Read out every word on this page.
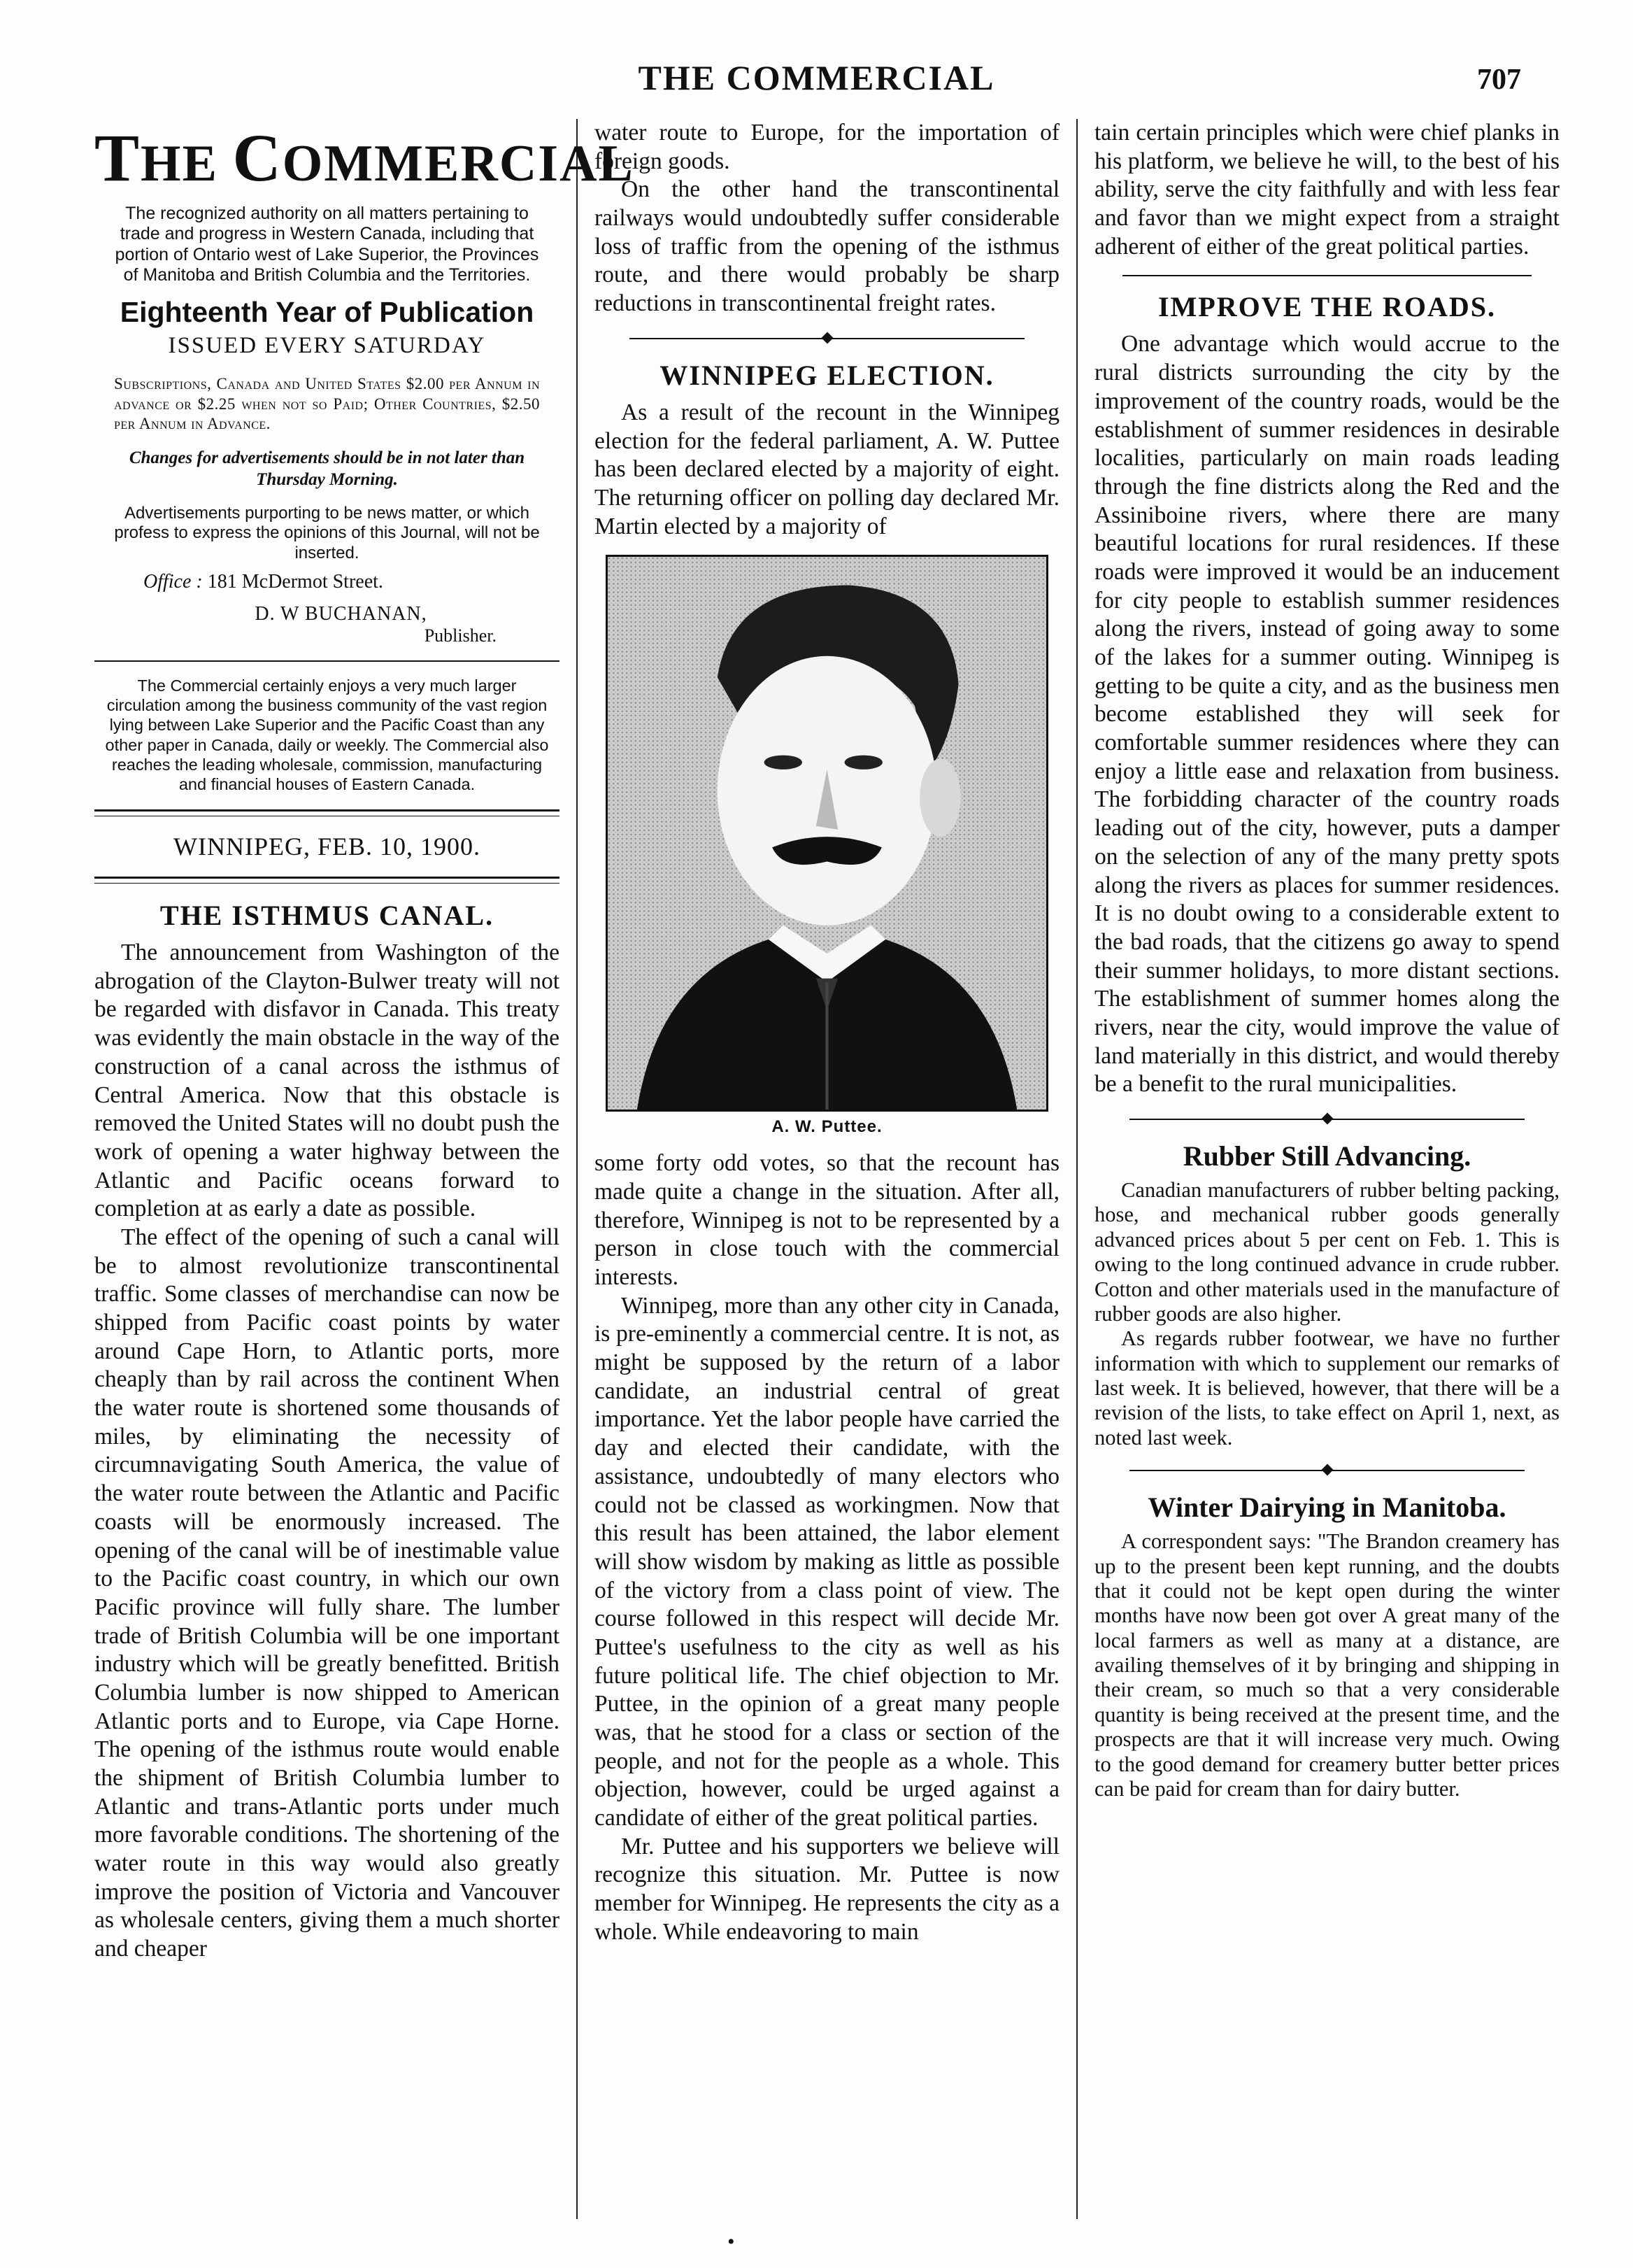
THE COMMERCIAL	707
THE COMMERCIAL
The recognized authority on all matters pertaining to trade and progress in Western Canada, including that portion of Ontario west of Lake Superior, the Provinces of Manitoba and British Columbia and the Territories.
Eighteenth Year of Publication
ISSUED EVERY SATURDAY
Subscriptions, Canada and United States $2.00 per Annum in advance or $2.25 when not so Paid; Other Countries, $2.50 per Annum in Advance.
Changes for advertisements should be in not later than Thursday Morning.
Advertisements purporting to be news matter, or which profess to express the opinions of this Journal, will not be inserted.
Office : 181 McDermot Street.
D. W BUCHANAN,
Publisher.
The Commercial certainly enjoys a very much larger circulation among the business community of the vast region lying between Lake Superior and the Pacific Coast than any other paper in Canada, daily or weekly. The Commercial also reaches the leading wholesale, commission, manufacturing and financial houses of Eastern Canada.
WINNIPEG, FEB. 10, 1900.
THE ISTHMUS CANAL.

The announcement from Washington of the abrogation of the Clayton-Bulwer treaty will not be regarded with disfavor in Canada. This treaty was evidently the main obstacle in the way of the construction of a canal across the isthmus of Central America. Now that this obstacle is removed the United States will no doubt push the work of opening a water highway between the Atlantic and Pacific oceans forward to completion at as early a date as possible.

The effect of the opening of such a canal will be to almost revolutionize transcontinental traffic. Some classes of merchandise can now be shipped from Pacific coast points by water around Cape Horn, to Atlantic ports, more cheaply than by rail across the continent When the water route is shortened some thousands of miles, by eliminating the necessity of circumnavigating South America, the value of the water route between the Atlantic and Pacific coasts will be enormously increased. The opening of the canal will be of inestimable value to the Pacific coast country, in which our own Pacific province will fully share. The lumber trade of British Columbia will be one important industry which will be greatly benefitted. British Columbia lumber is now shipped to American Atlantic ports and to Europe, via Cape Horne. The opening of the isthmus route would enable the shipment of British Columbia lumber to Atlantic and trans-Atlantic ports under much more favorable conditions. The shortening of the water route in this way would also greatly improve the position of Victoria and Vancouver as wholesale centers, giving them a much shorter and cheaper

water route to Europe, for the importation of foreign goods.

On the other hand the transcontinental railways would undoubtedly suffer considerable loss of traffic from the opening of the isthmus route, and there would probably be sharp reductions in transcontinental freight rates.

WINNIPEG ELECTION.

As a result of the recount in the Winnipeg election for the federal parliament, A. W. Puttee has been declared elected by a majority of eight. The returning officer on polling day declared Mr. Martin elected by a majority of

A. W. Puttee.

some forty odd votes, so that the recount has made quite a change in the situation. After all, therefore, Winnipeg is not to be represented by a person in close touch with the commercial interests.

Winnipeg, more than any other city in Canada, is pre-eminently a commercial centre. It is not, as might be supposed by the return of a labor candidate, an industrial central of great importance. Yet the labor people have carried the day and elected their candidate, with the assistance, undoubtedly of many electors who could not be classed as workingmen. Now that this result has been attained, the labor element will show wisdom by making as little as possible of the victory from a class point of view. The course followed in this respect will decide Mr. Puttee's usefulness to the city as well as his future political life. The chief objection to Mr. Puttee, in the opinion of a great many people was, that he stood for a class or section of the people, and not for the people as a whole. This objection, however, could be urged against a candidate of either of the great political parties.

Mr. Puttee and his supporters we believe will recognize this situation. Mr. Puttee is now member for Winnipeg. He represents the city as a whole. While endeavoring to main

tain certain principles which were chief planks in his platform, we believe he will, to the best of his ability, serve the city faithfully and with less fear and favor than we might expect from a straight adherent of either of the great political parties.

IMPROVE THE ROADS.

One advantage which would accrue to the rural districts surrounding the city by the improvement of the country roads, would be the establishment of summer residences in desirable localities, particularly on main roads leading through the fine districts along the Red and the Assiniboine rivers, where there are many beautiful locations for rural residences. If these roads were improved it would be an inducement for city people to establish summer residences along the rivers, instead of going away to some of the lakes for a summer outing. Winnipeg is getting to be quite a city, and as the business men become established they will seek for comfortable summer residences where they can enjoy a little ease and relaxation from business. The forbidding character of the country roads leading out of the city, however, puts a damper on the selection of any of the many pretty spots along the rivers as places for summer residences. It is no doubt owing to a considerable extent to the bad roads, that the citizens go away to spend their summer holidays, to more distant sections. The establishment of summer homes along the rivers, near the city, would improve the value of land materially in this district, and would thereby be a benefit to the rural municipalities.

Rubber Still Advancing.

Canadian manufacturers of rubber belting packing, hose, and mechanical rubber goods generally advanced prices about 5 per cent on Feb. 1. This is owing to the long continued advance in crude rubber. Cotton and other materials used in the manufacture of rubber goods are also higher.

As regards rubber footwear, we have no further information with which to supplement our remarks of last week. It is believed, however, that there will be a revision of the lists, to take effect on April 1, next, as noted last week.

Winter Dairying in Manitoba.

A correspondent says: "The Brandon creamery has up to the present been kept running, and the doubts that it could not be kept open during the winter months have now been got over A great many of the local farmers as well as many at a distance, are availing themselves of it by bringing and shipping in their cream, so much so that a very considerable quantity is being received at the present time, and the prospects are that it will increase very much. Owing to the good demand for creamery butter better prices can be paid for cream than for dairy butter.

•
